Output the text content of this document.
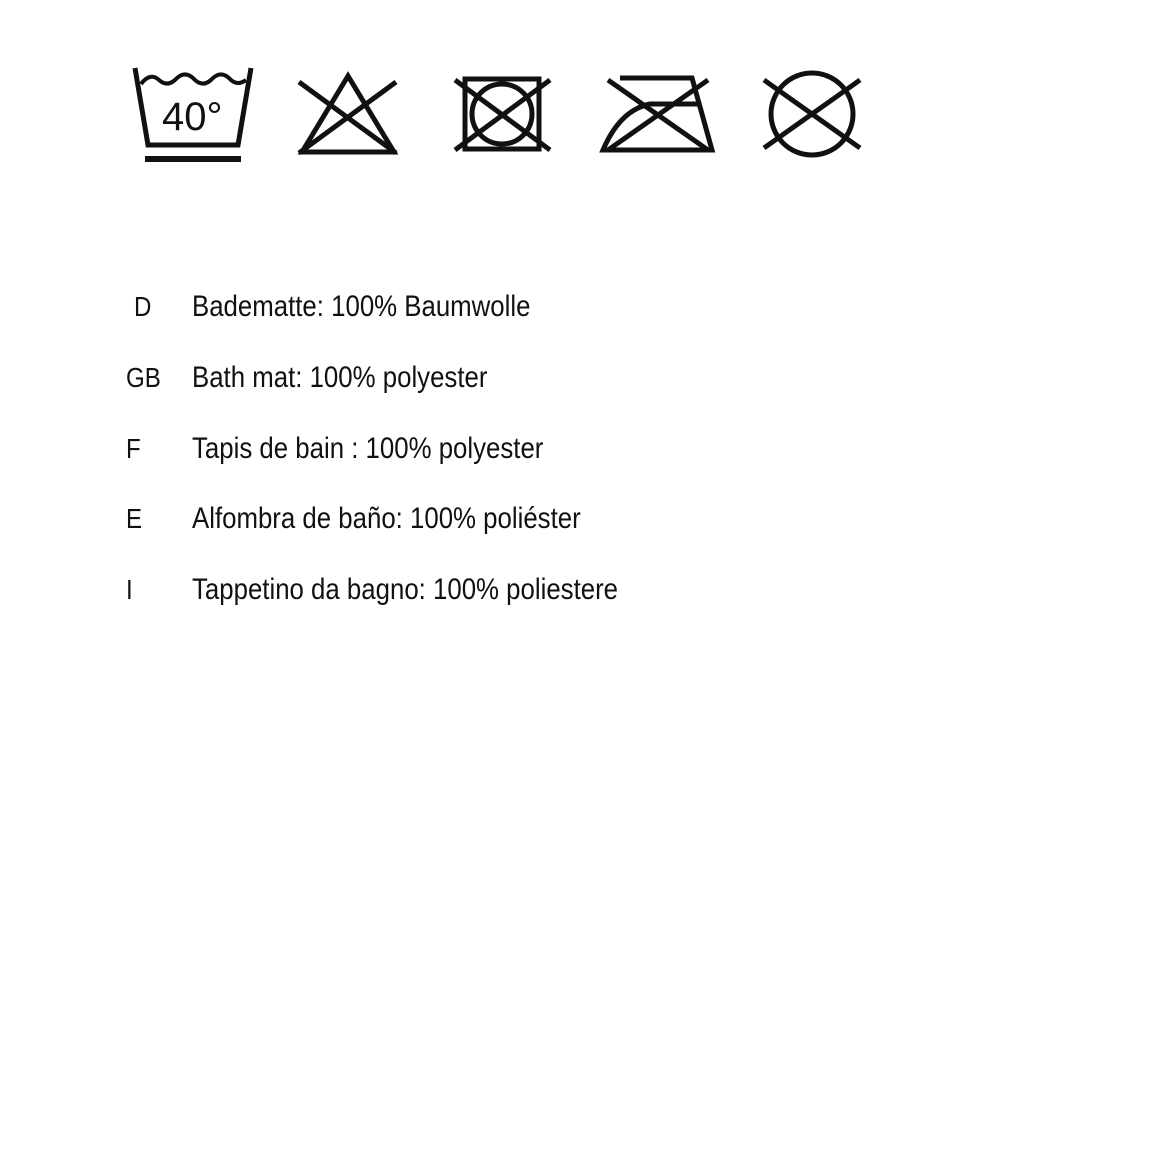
40°
D Badematte: 100% Baumwolle
GB Bath mat: 100% polyester
F Tapis de bain : 100% polyester
E Alfombra de baño: 100% poliéster
I Tappetino da bagno: 100% poliestere
